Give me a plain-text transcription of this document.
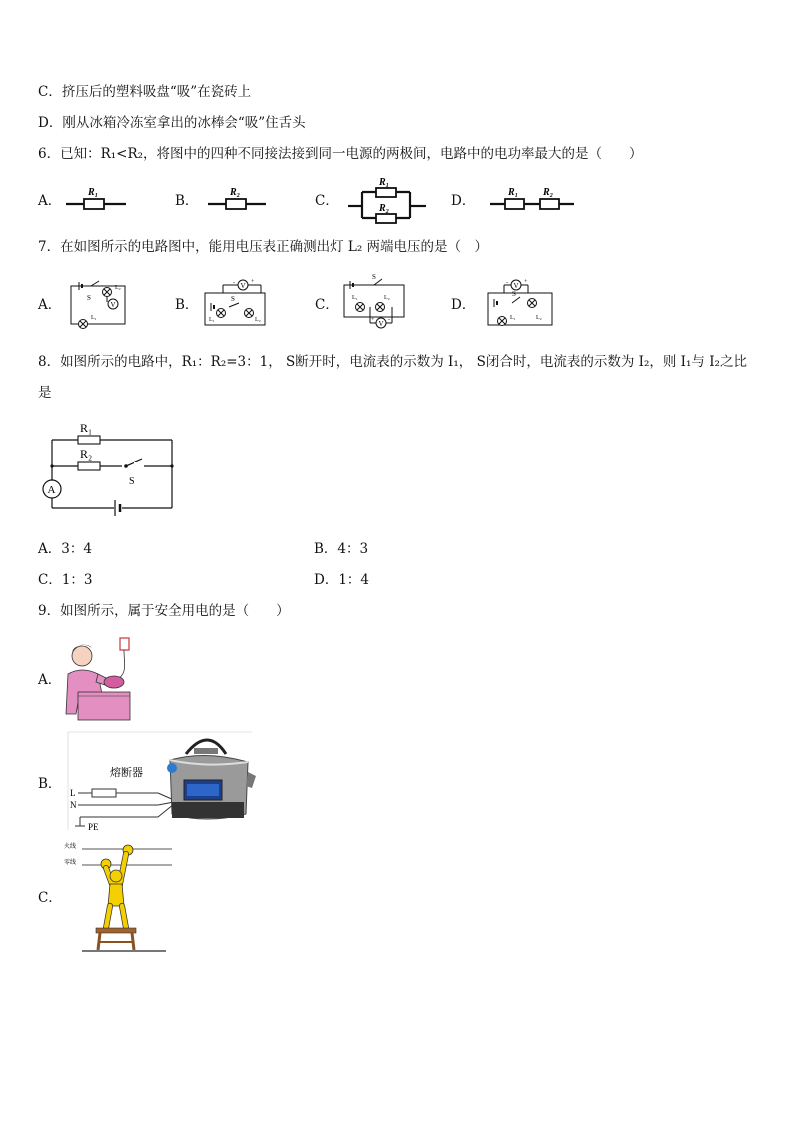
C．挤压后的塑料吸盘“吸”在瓷砖上
D．刚从冰箱冷冻室拿出的冰棒会“吸”住舌头
6．已知：R₁<R₂，将图中的四种不同接法接到同一电源的两极间，电路中的电功率最大的是（　　）
A．
R₁
B．
R₂
C．
R₁
R₂	D．
R₁ R₂
7．在如图所示的电路图中，能用电压表正确测出灯 L₂ 两端电压的是（　）
A．	S
L₂
V
L₁
B．
V
-	+
S
L₁	L₂
C．
S
L₁	L₂
V
+ -
D．
V
-	+
S
L₁	L₂
8．如图所示的电路中，R₁：R₂=3：1， S断开时，电流表的示数为 I₁， S闭合时，电流表的示数为 I₂，则 I₁与 I₂之比
是
R₁
R₂
S
A
A．3：4	B．4：3
C．1：3	D．1：4
9．如图所示，属于安全用电的是（　　）
A．
B．
熔断器
L
N
PE
C．
火线
零线
